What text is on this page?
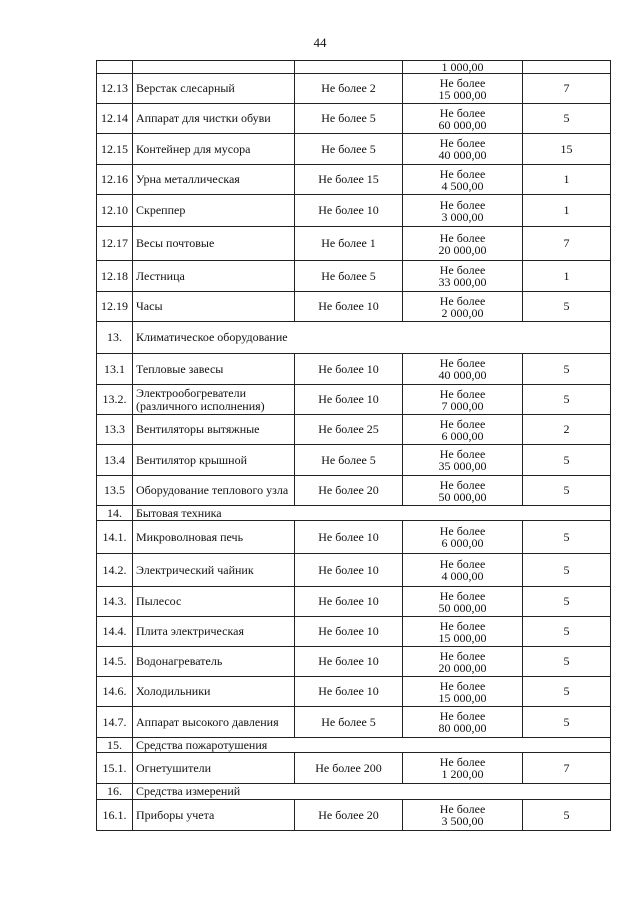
44
			1 000,00	
12.13	Верстак слесарный	Не более 2	Не более
15 000,00	7
12.14	Аппарат для чистки обуви	Не более 5	Не более
60 000,00	5
12.15	Контейнер для мусора	Не более 5	Не более
40 000,00	15
12.16	Урна металлическая	Не более 15	Не более
4 500,00	1
12.10	Скреппер	Не более 10	Не более
3 000,00	1
12.17	Весы почтовые	Не более 1	Не более
20 000,00	7
12.18	Лестница	Не более 5	Не более
33 000,00	1
12.19	Часы	Не более 10	Не более
2 000,00	5
13.	Климатическое оборудование			
13.1	Тепловые завесы	Не более 10	Не более
40 000,00	5
13.2.	Электрообогреватели (различного исполнения)	Не более 10	Не более
7 000,00	5
13.3	Вентиляторы вытяжные	Не более 25	Не более
6 000,00	2
13.4	Вентилятор крышной	Не более 5	Не более
35 000,00	5
13.5	Оборудование теплового узла	Не более 20	Не более
50 000,00	5
14.	Бытовая техника			
14.1.	Микроволновая печь	Не более 10	Не более
6 000,00	5
14.2.	Электрический чайник	Не более 10	Не более
4 000,00	5
14.3.	Пылесос	Не более 10	Не более
50 000,00	5
14.4.	Плита электрическая	Не более 10	Не более
15 000,00	5
14.5.	Водонагреватель	Не более 10	Не более
20 000,00	5
14.6.	Холодильники	Не более 10	Не более
15 000,00	5
14.7.	Аппарат высокого давления	Не более 5	Не более
80 000,00	5
15.	Средства пожаротушения			
15.1.	Огнетушители	Не более 200	Не более
1 200,00	7
16.	Средства измерений			
16.1.	Приборы учета	Не более 20	Не более
3 500,00	5
